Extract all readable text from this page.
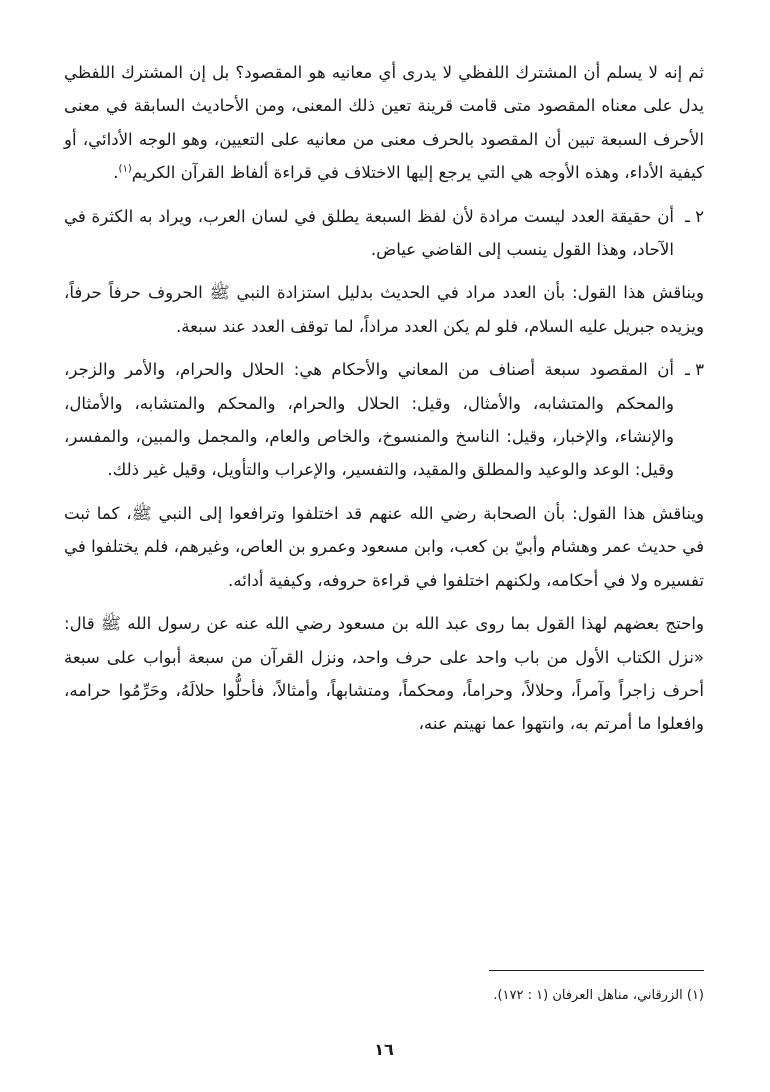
ثم إنه لا يسلم أن المشترك اللفظي لا يدرى أي معانيه هو المقصود؟ بل إن المشترك اللفظي يدل على معناه المقصود متى قامت قرينة تعين ذلك المعنى، ومن الأحاديث السابقة في معنى الأحرف السبعة تبين أن المقصود بالحرف معنى من معانيه على التعيين، وهو الوجه الأدائي، أو كيفية الأداء، وهذه الأوجه هي التي يرجع إليها الاختلاف في قراءة ألفاظ القرآن الكريم$^{(١)}$.

٢ ـ

أن حقيقة العدد ليست مرادة لأن لفظ السبعة يطلق في لسان العرب، ويراد به الكثرة في الآحاد، وهذا القول ينسب إلى القاضي عياض.

ويناقش هذا القول: بأن العدد مراد في الحديث بدليل استزادة النبي ﷺ الحروف حرفاً حرفاً، ويزيده جبريل عليه السلام، فلو لم يكن العدد مراداً، لما توقف العدد عند سبعة.

٣ ـ

أن المقصود سبعة أصناف من المعاني والأحكام هي: الحلال والحرام، والأمر والزجر، والمحكم والمتشابه، والأمثال، وقيل: الحلال والحرام، والمحكم والمتشابه، والأمثال، والإنشاء، والإخبار، وقيل: الناسخ والمنسوخ، والخاص والعام، والمجمل والمبين، والمفسر، وقيل: الوعد والوعيد والمطلق والمقيد، والتفسير، والإعراب والتأويل، وقيل غير ذلك.

ويناقش هذا القول: بأن الصحابة رضي الله عنهم قد اختلفوا وترافعوا إلى النبي ﷺ، كما ثبت في حديث عمر وهشام وأبيّ بن كعب، وابن مسعود وعمرو بن العاص، وغيرهم، فلم يختلفوا في تفسيره ولا في أحكامه، ولكنهم اختلفوا في قراءة حروفه، وكيفية أدائه.

واحتج بعضهم لهذا القول بما روى عبد الله بن مسعود رضي الله عنه عن رسول الله ﷺ قال: «نزل الكتاب الأول من باب واحد على حرف واحد، ونزل القرآن من سبعة أبواب على سبعة أحرف زاجراً وآمراً، وحلالاً، وحراماً، ومحكماً، ومتشابهاً، وأمثالاً، فأحلُّوا حلالَهُ، وحَرِّمُوا حرامه، وافعلوا ما أمرتم به، وانتهوا عما نهيتم عنه،

(١) الزرقاني، مناهل العرفان (١ : ١٧٢).
١٦
